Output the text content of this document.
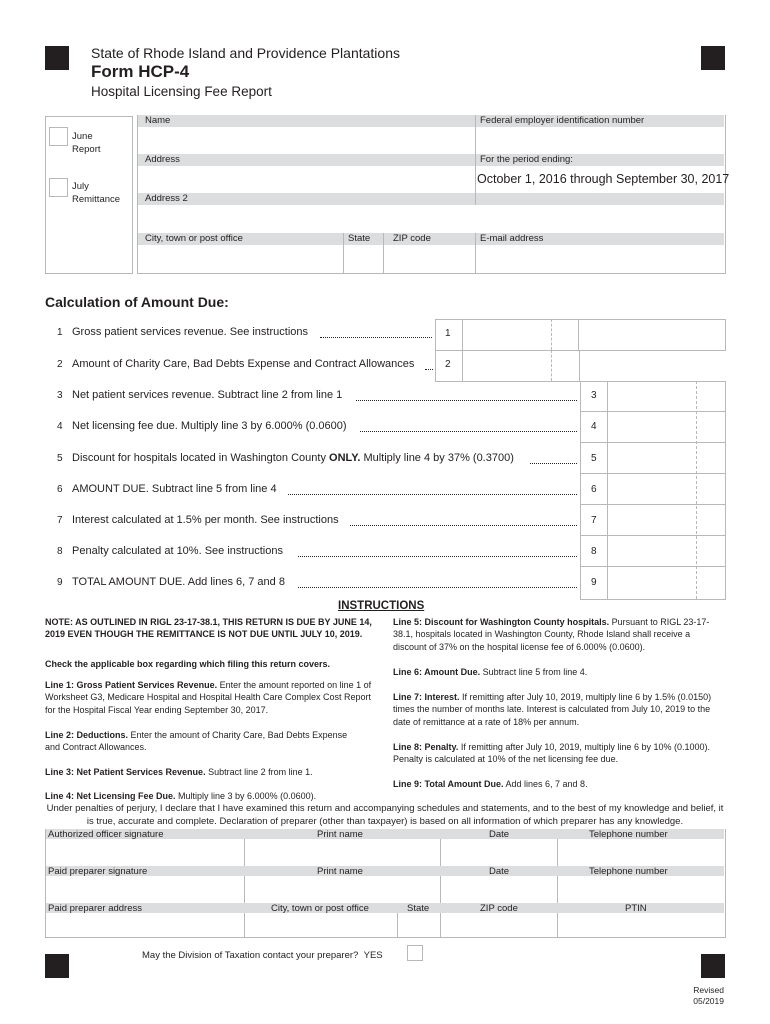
State of Rhode Island and Providence Plantations
Form HCP-4
Hospital Licensing Fee Report
June
Report
July
Remittance
Name	Federal employer identification number
Address	For the period ending:
October 1, 2016 through September 30, 2017
Address 2
City, town or post office	State ZIP code	E-mail address
Calculation of Amount Due:
1 Gross patient services revenue. See instructions	1
2 Amount of Charity Care, Bad Debts Expense and Contract Allowances	2
3 Net patient services revenue. Subtract line 2 from line 1	3
4 Net licensing fee due. Multiply line 3 by 6.000% (0.0600)	4
5 Discount for hospitals located in Washington County ONLY. Multiply line 4 by 37% (0.3700)	5
6 AMOUNT DUE. Subtract line 5 from line 4	6
7 Interest calculated at 1.5% per month. See instructions	7
8 Penalty calculated at 10%. See instructions	8
9 TOTAL AMOUNT DUE. Add lines 6, 7 and 8	9
INSTRUCTIONS
NOTE: AS OUTLINED IN RIGL 23-17-38.1, THIS RETURN IS DUE BY JUNE 14, 2019 EVEN THOUGH THE REMITTANCE IS NOT DUE UNTIL JULY 10, 2019.
Check the applicable box regarding which filing this return covers.
Line 1: Gross Patient Services Revenue. Enter the amount reported on line 1 of Worksheet G3, Medicare Hospital and Hospital Health Care Complex Cost Report for the Hospital Fiscal Year ending September 30, 2017.
Line 2: Deductions. Enter the amount of Charity Care, Bad Debts Expense and Contract Allowances.
Line 3: Net Patient Services Revenue. Subtract line 2 from line 1.
Line 4: Net Licensing Fee Due. Multiply line 3 by 6.000% (0.0600).
Line 5: Discount for Washington County hospitals. Pursuant to RIGL 23-17-38.1, hospitals located in Washington County, Rhode Island shall receive a discount of 37% on the hospital license fee of 6.000% (0.0600).
Line 6: Amount Due. Subtract line 5 from line 4.
Line 7: Interest. If remitting after July 10, 2019, multiply line 6 by 1.5% (0.0150) times the number of months late. Interest is calculated from July 10, 2019 to the date of remittance at a rate of 18% per annum.
Line 8: Penalty. If remitting after July 10, 2019, multiply line 6 by 10% (0.1000). Penalty is calculated at 10% of the net licensing fee due.
Line 9: Total Amount Due. Add lines 6, 7 and 8.
Under penalties of perjury, I declare that I have examined this return and accompanying schedules and statements, and to the best of my knowledge and belief, it is true, accurate and complete. Declaration of preparer (other than taxpayer) is based on all information of which preparer has any knowledge.
Authorized officer signature	Print name	Date	Telephone number
Paid preparer signature	Print name	Date	Telephone number
Paid preparer address	City, town or post office	State	ZIP code	PTIN
May the Division of Taxation contact your preparer? YES
Revised
05/2019
